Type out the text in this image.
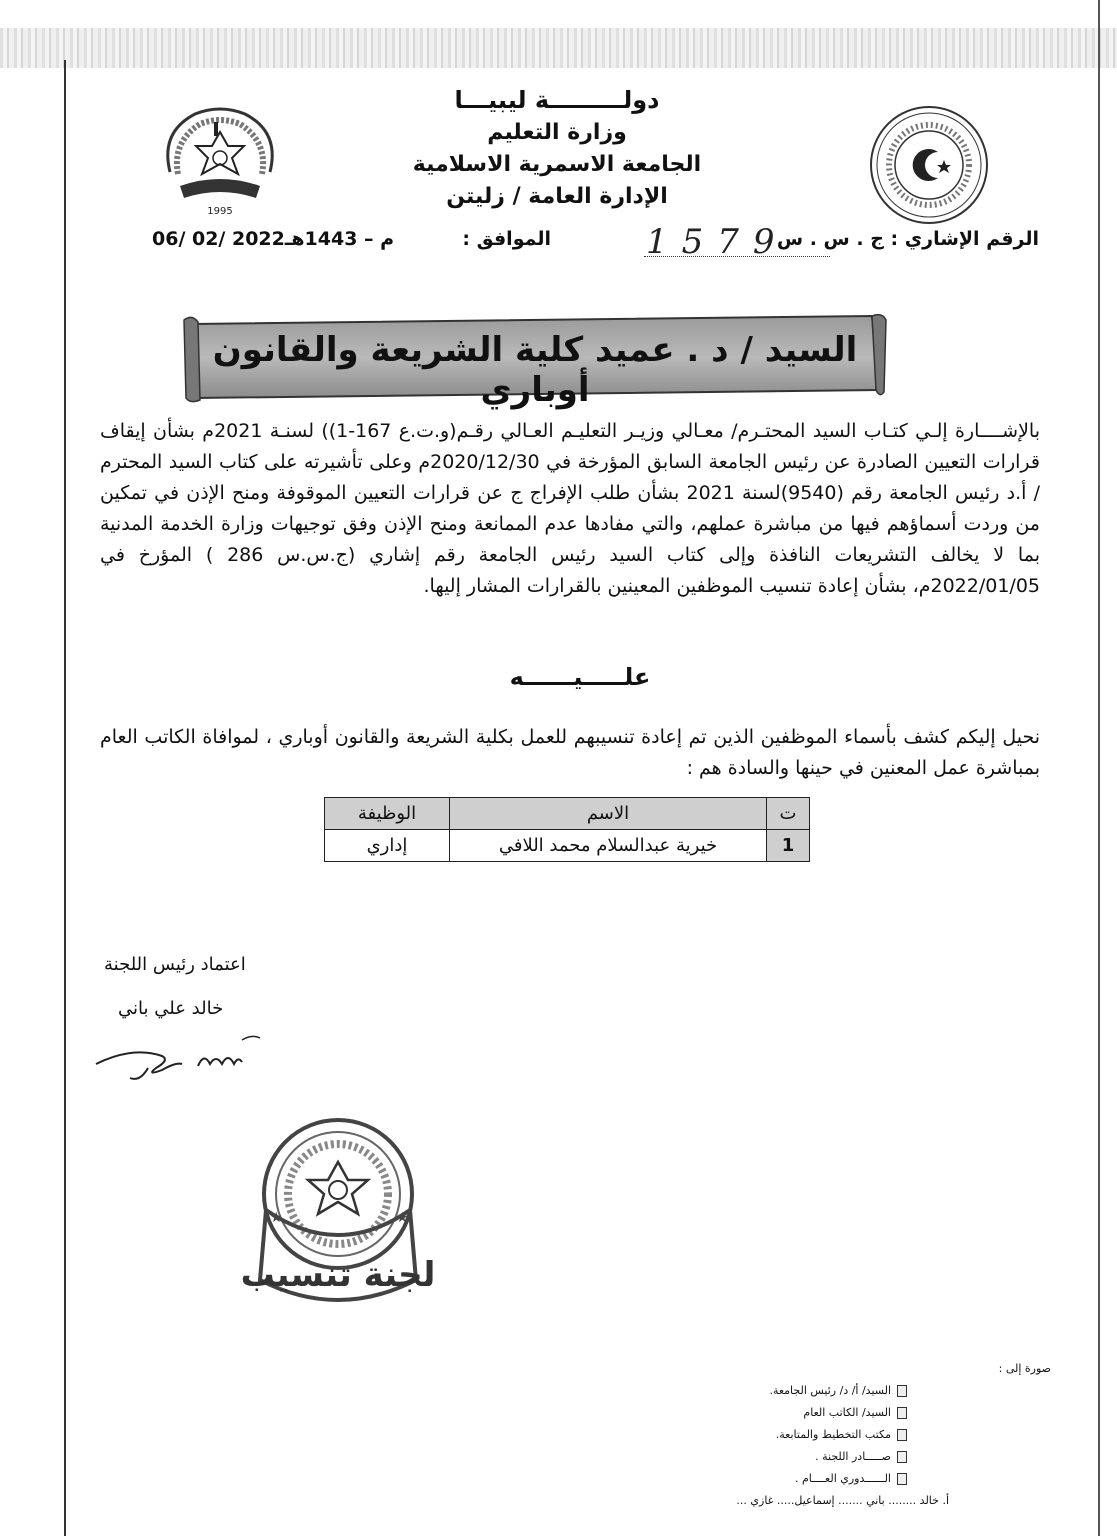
دولـــــــــة ليبيـــا
وزارة التعليم
الجامعة الاسمرية الاسلامية
الإدارة العامة / زليتن
1995
الرقم الإشاري : ج . س . س
1579
الموافق :
06/ 02/ 2022م – 1443هـ
السيد / د . عميد كلية الشريعة والقانون أوباري
بالإشــــارة إلـي كتـاب السيد المحتـرم/ معـالي وزيـر التعليـم العـالي رقـم(و.ت.ع 167-1)) لسنـة 2021م بشأن إيقاف قرارات التعيين الصادرة عن رئيس الجامعة السابق المؤرخة في 2020/12/30م وعلى تأشيرته على كتاب السيد المحترم / أ.د رئيس الجامعة رقم (9540)لسنة 2021 بشأن طلب الإفراج ج عن قرارات التعيين الموقوفة ومنح الإذن في تمكين من وردت أسماؤهم فيها من مباشرة عملهم، والتي مفادها عدم الممانعة ومنح الإذن وفق توجيهات وزارة الخدمة المدنية بما لا يخالف التشريعات النافذة وإلى كتاب السيد رئيس الجامعة رقم إشاري (ج.س.س 286 ) المؤرخ في 2022/01/05م، بشأن إعادة تنسيب الموظفين المعينين بالقرارات المشار إليها.
علـــــيــــــه
نحيل إليكم كشف بأسماء الموظفين الذين تم إعادة تنسيبهم للعمل بكلية الشريعة والقانون أوباري ، لموافاة الكاتب العام بمباشرة عمل المعنين في حينها والسادة هم :
ت	الاسم	الوظيفة
1	خيرية عبدالسلام محمد اللافي	إداري
اعتماد رئيس اللجنة
خالد علي باني
لجنة تنسيب
★	★
صورة إلى :
السيد/ أ/ د/ رئيس الجامعة.
السيد/ الكاتب العام
مكتب التخطيط والمتابعة.
صـــــادر اللجنة .
الــــــدوري العــــام .
أ. خالد ........ باني ....... إسماعيل..... غازي ...
